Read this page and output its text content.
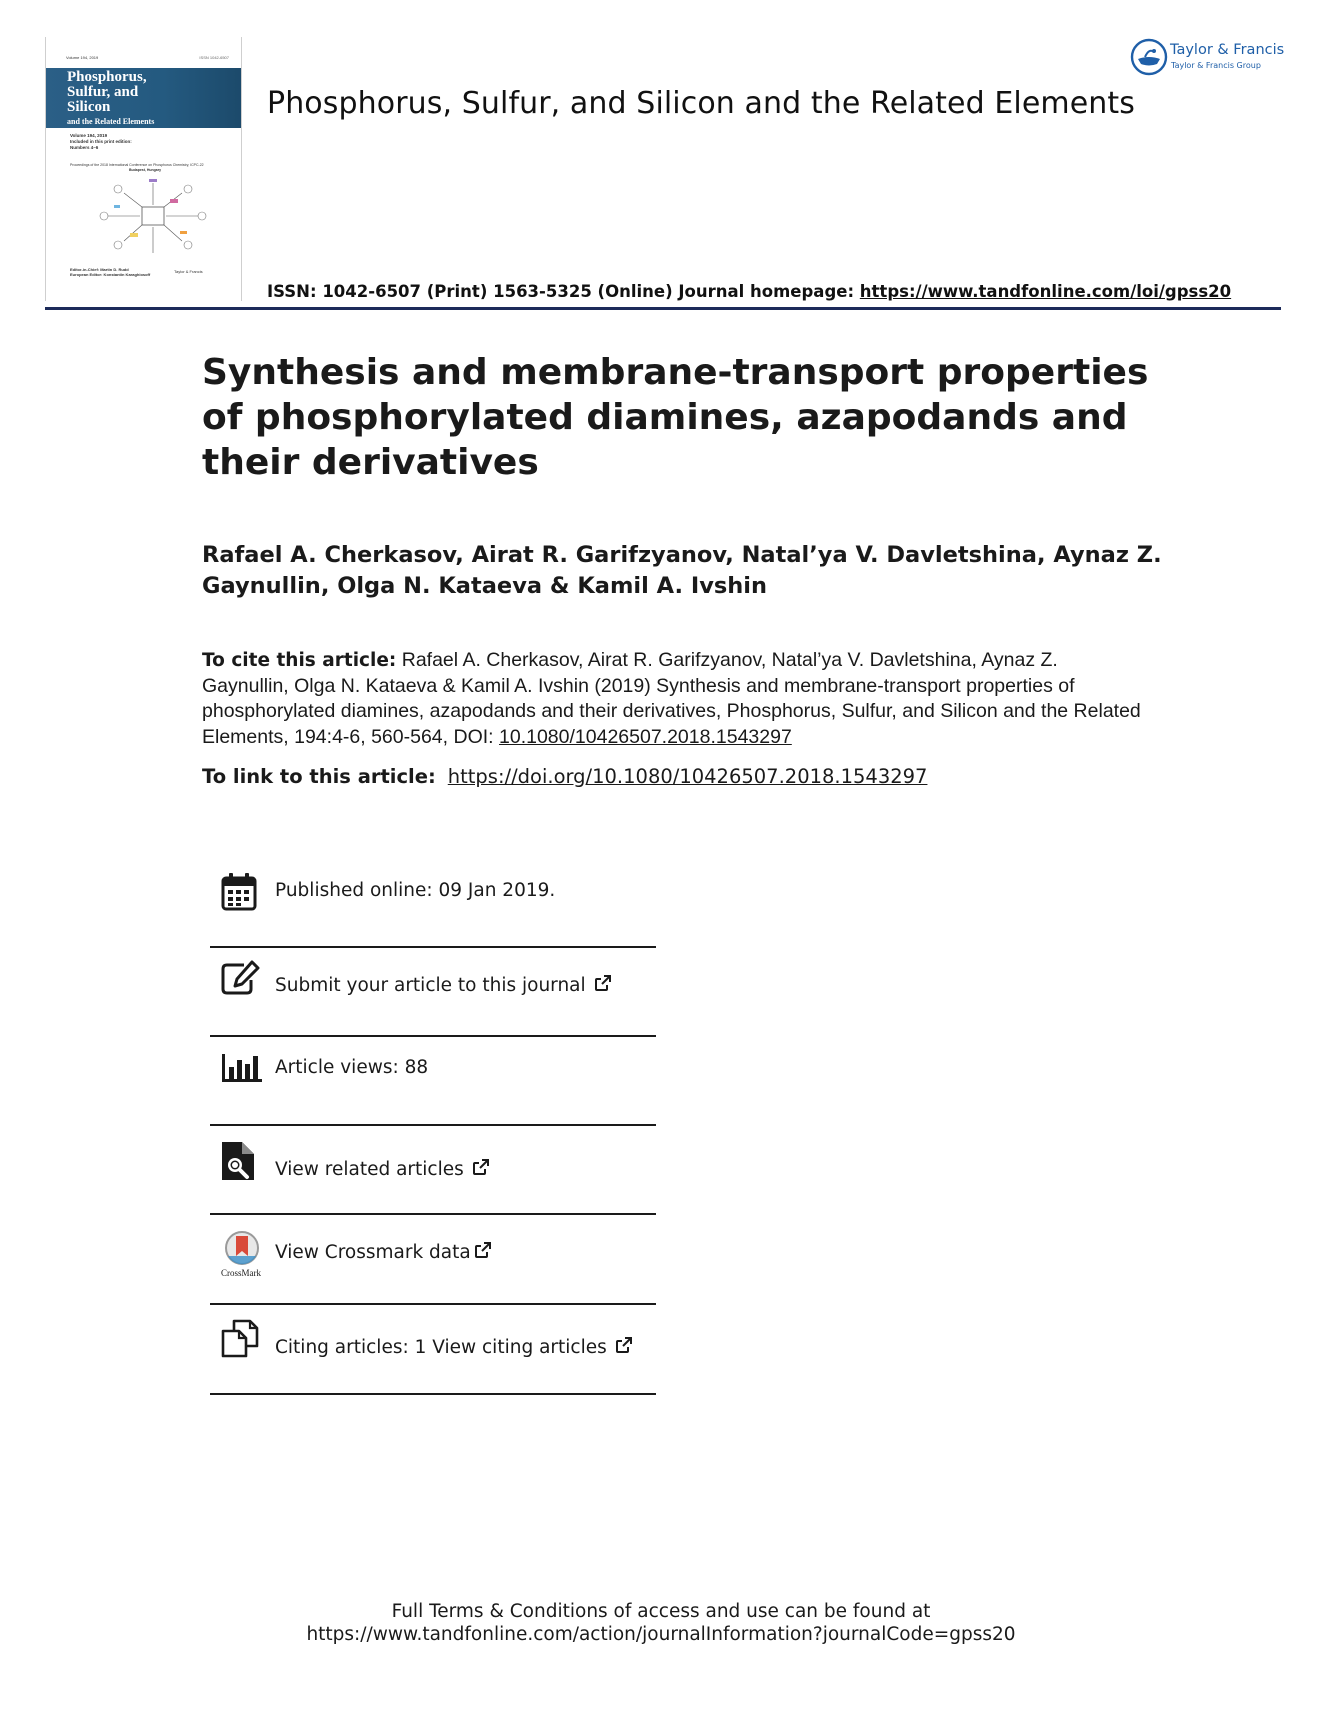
Volume 194, 2019	ISSN 1042-6507
Phosphorus,
Sulfur, and
Silicon
and the Related Elements
Volume 194, 2019
Included in this print edition:
Numbers 4–6
Proceedings of the 2018 International Conference on Phosphorus Chemistry, ICPC-22
Budapest, Hungary
Editor-in-Chief: Martin D. Rudd
European Editor: Konstantin Karaghiosoff
Taylor & Francis
Phosphorus, Sulfur, and Silicon and the Related Elements
ISSN: 1042-6507 (Print) 1563-5325 (Online) Journal homepage: https://www.tandfonline.com/loi/gpss20
Taylor & Francis
Taylor & Francis Group
Synthesis and membrane-transport properties of phosphorylated diamines, azapodands and their derivatives
Rafael A. Cherkasov, Airat R. Garifzyanov, Natal’ya V. Davletshina, Aynaz Z. Gaynullin, Olga N. Kataeva & Kamil A. Ivshin
To cite this article: Rafael A. Cherkasov, Airat R. Garifzyanov, Natal’ya V. Davletshina, Aynaz Z. Gaynullin, Olga N. Kataeva & Kamil A. Ivshin (2019) Synthesis and membrane-transport properties of phosphorylated diamines, azapodands and their derivatives, Phosphorus, Sulfur, and Silicon and the Related Elements, 194:4-6, 560-564, DOI: 10.1080/10426507.2018.1543297
To link to this article: https://doi.org/10.1080/10426507.2018.1543297
Published online: 09 Jan 2019.
Submit your article to this journal
Article views: 88
View related articles
CrossMark
View Crossmark data
Citing articles: 1 View citing articles
Full Terms & Conditions of access and use can be found at
https://www.tandfonline.com/action/journalInformation?journalCode=gpss20
